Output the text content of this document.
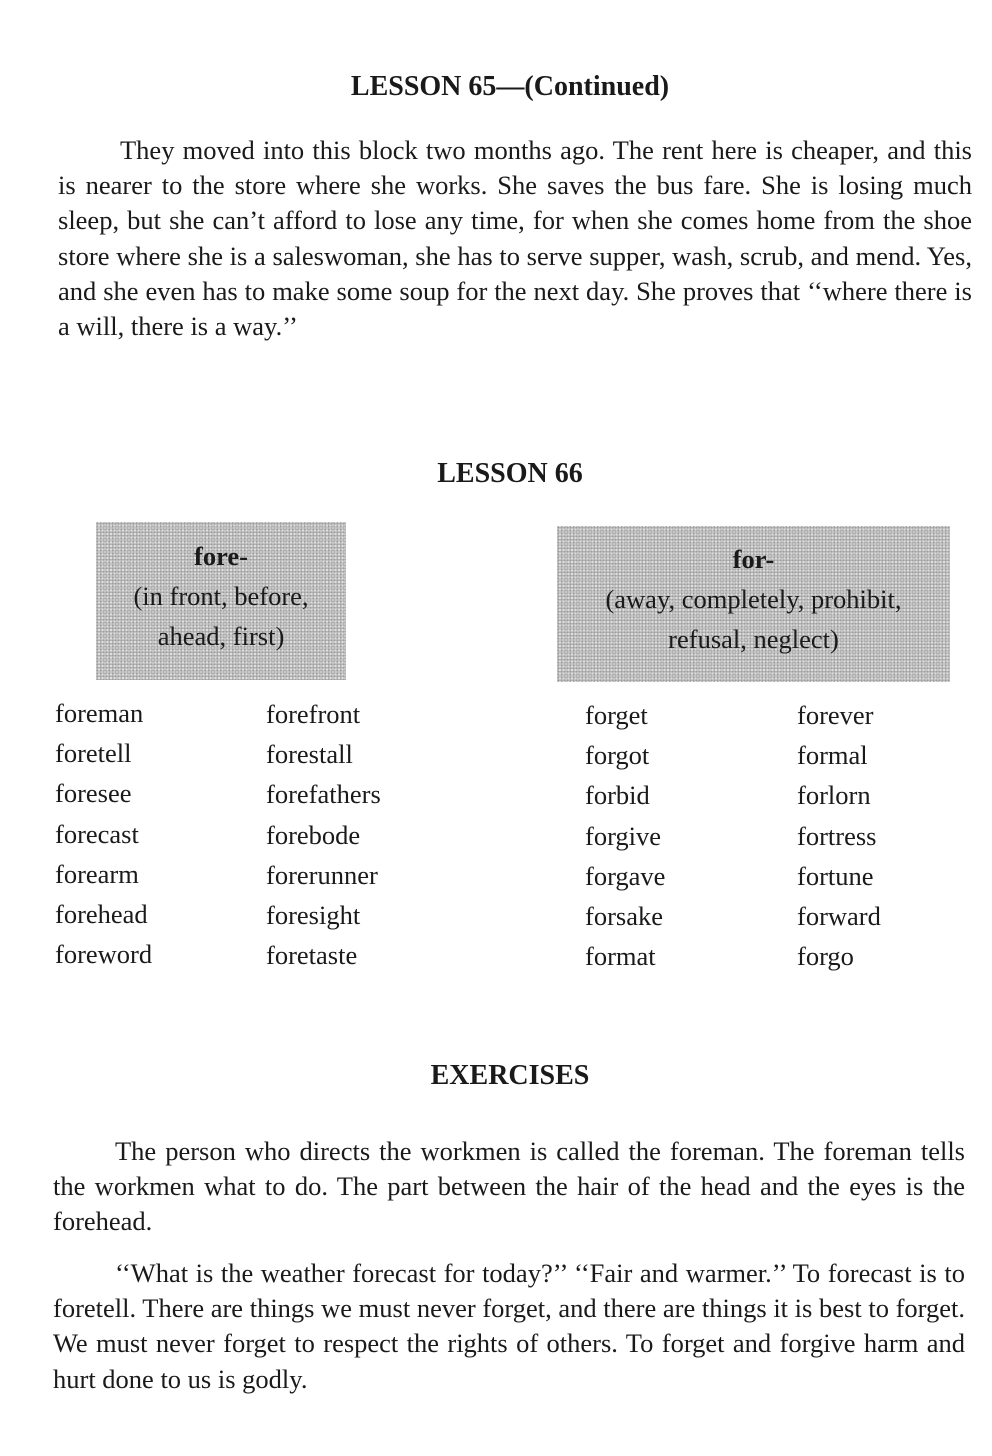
LESSON 65—(Continued)

They moved into this block two months ago. The rent here is cheaper, and this is nearer to the store where she works. She saves the bus fare. She is losing much sleep, but she can’t afford to lose any time, for when she comes home from the shoe store where she is a saleswoman, she has to serve supper, wash, scrub, and mend. Yes, and she even has to make some soup for the next day. She proves that ‘‘where there is a will, there is a way.’’

LESSON 66
fore-
(in front, before,
ahead, first)
for-
(away, completely, prohibit,
refusal, neglect)
foreman
foretell
foresee
forecast
forearm
forehead
foreword
forefront
forestall
forefathers
forebode
forerunner
foresight
foretaste
forget
forgot
forbid
forgive
forgave
forsake
format
forever
formal
forlorn
fortress
fortune
forward
forgo
EXERCISES

The person who directs the workmen is called the foreman. The foreman tells the workmen what to do. The part between the hair of the head and the eyes is the forehead.

‘‘What is the weather forecast for today?’’ ‘‘Fair and warmer.’’ To forecast is to foretell. There are things we must never forget, and there are things it is best to forget. We must never forget to respect the rights of others. To forget and forgive harm and hurt done to us is godly.
